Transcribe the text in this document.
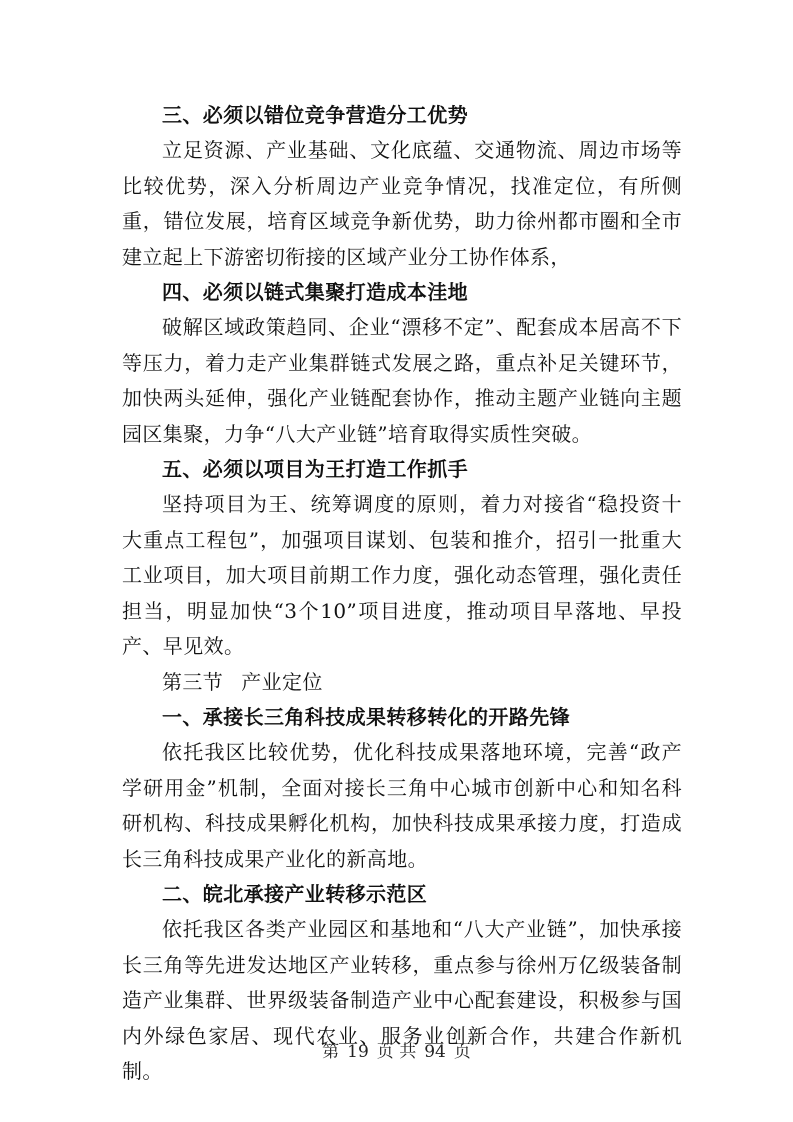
三、必须以错位竞争营造分工优势

立足资源、产业基础、文化底蕴、交通物流、周边市场等比较优势，深入分析周边产业竞争情况，找准定位，有所侧重，错位发展，培育区域竞争新优势，助力徐州都市圈和全市建立起上下游密切衔接的区域产业分工协作体系，

四、必须以链式集聚打造成本洼地

破解区域政策趋同、企业“漂移不定”、配套成本居高不下等压力，着力走产业集群链式发展之路，重点补足关键环节，加快两头延伸，强化产业链配套协作，推动主题产业链向主题园区集聚，力争“八大产业链”培育取得实质性突破。

五、必须以项目为王打造工作抓手

坚持项目为王、统筹调度的原则，着力对接省“稳投资十大重点工程包”，加强项目谋划、包装和推介，招引一批重大工业项目，加大项目前期工作力度，强化动态管理，强化责任担当，明显加快“3个10”项目进度，推动项目早落地、早投产、早见效。

第三节 产业定位

一、承接长三角科技成果转移转化的开路先锋

依托我区比较优势，优化科技成果落地环境，完善“政产学研用金”机制，全面对接长三角中心城市创新中心和知名科研机构、科技成果孵化机构，加快科技成果承接力度，打造成长三角科技成果产业化的新高地。

二、皖北承接产业转移示范区

依托我区各类产业园区和基地和“八大产业链”，加快承接长三角等先进发达地区产业转移，重点参与徐州万亿级装备制造产业集群、世界级装备制造产业中心配套建设，积极参与国内外绿色家居、现代农业、服务业创新合作，共建合作新机制。

第 19 页 共 94 页
